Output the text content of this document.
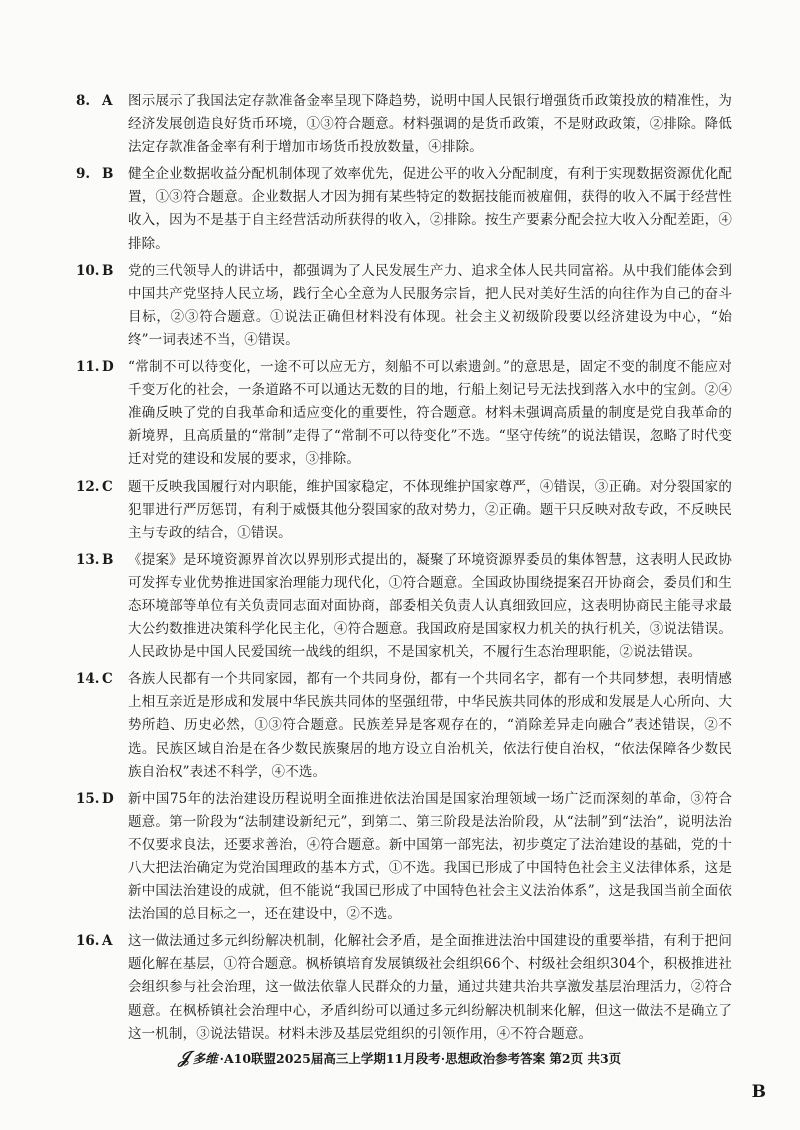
8. A	图示展示了我国法定存款准备金率呈现下降趋势，说明中国人民银行增强货币政策投放的精准性，为经济发展创造良好货币环境，①③符合题意。材料强调的是货币政策，不是财政政策，②排除。降低法定存款准备金率有利于增加市场货币投放数量，④排除。
9. B	健全企业数据收益分配机制体现了效率优先，促进公平的收入分配制度，有利于实现数据资源优化配置，①③符合题意。企业数据人才因为拥有某些特定的数据技能而被雇佣，获得的收入不属于经营性收入，因为不是基于自主经营活动所获得的收入，②排除。按生产要素分配会拉大收入分配差距，④排除。
10. B	党的三代领导人的讲话中，都强调为了人民发展生产力、追求全体人民共同富裕。从中我们能体会到中国共产党坚持人民立场，践行全心全意为人民服务宗旨，把人民对美好生活的向往作为自己的奋斗目标，②③符合题意。①说法正确但材料没有体现。社会主义初级阶段要以经济建设为中心，“始终”一词表述不当，④错误。
11. D	“常制不可以待变化，一途不可以应无方，刻船不可以索遗剑。”的意思是，固定不变的制度不能应对千变万化的社会，一条道路不可以通达无数的目的地，行船上刻记号无法找到落入水中的宝剑。②④准确反映了党的自我革命和适应变化的重要性，符合题意。材料未强调高质量的制度是党自我革命的新境界，且高质量的“常制”走得了“常制不可以待变化”不选。“坚守传统”的说法错误，忽略了时代变迁对党的建设和发展的要求，③排除。
12. C	题干反映我国履行对内职能，维护国家稳定，不体现维护国家尊严，④错误，③正确。对分裂国家的犯罪进行严厉惩罚，有利于威慑其他分裂国家的敌对势力，②正确。题干只反映对敌专政，不反映民主与专政的结合，①错误。
13. B	《提案》是环境资源界首次以界别形式提出的，凝聚了环境资源界委员的集体智慧，这表明人民政协可发挥专业优势推进国家治理能力现代化，①符合题意。全国政协围绕提案召开协商会，委员们和生态环境部等单位有关负责同志面对面协商，部委相关负责人认真细致回应，这表明协商民主能寻求最大公约数推进决策科学化民主化，④符合题意。我国政府是国家权力机关的执行机关，③说法错误。人民政协是中国人民爱国统一战线的组织，不是国家机关，不履行生态治理职能，②说法错误。
14. C	各族人民都有一个共同家园，都有一个共同身份，都有一个共同名字，都有一个共同梦想，表明情感上相互亲近是形成和发展中华民族共同体的坚强纽带，中华民族共同体的形成和发展是人心所向、大势所趋、历史必然，①③符合题意。民族差异是客观存在的，“消除差异走向融合”表述错误，②不选。民族区域自治是在各少数民族聚居的地方设立自治机关，依法行使自治权，“依法保障各少数民族自治权”表述不科学，④不选。
15. D	新中国75年的法治建设历程说明全面推进依法治国是国家治理领域一场广泛而深刻的革命，③符合题意。第一阶段为“法制建设新纪元”，到第二、第三阶段是法治阶段，从“法制”到“法治”，说明法治不仅要求良法，还要求善治，④符合题意。新中国第一部宪法，初步奠定了法治建设的基础，党的十八大把法治确定为党治国理政的基本方式，①不选。我国已形成了中国特色社会主义法律体系，这是新中国法治建设的成就，但不能说“我国已形成了中国特色社会主义法治体系”，这是我国当前全面依法治国的总目标之一，还在建设中，②不选。
16. A	这一做法通过多元纠纷解决机制，化解社会矛盾，是全面推进法治中国建设的重要举措，有利于把问题化解在基层，①符合题意。枫桥镇培育发展镇级社会组织66个、村级社会组织304个，积极推进社会组织参与社会治理，这一做法依靠人民群众的力量，通过共建共治共享激发基层治理活力，②符合题意。在枫桥镇社会治理中心，矛盾纠纷可以通过多元纠纷解决机制来化解，但这一做法不是确立了这一机制，③说法错误。材料未涉及基层党组织的引领作用，④不符合题意。
𝒥多维 ·A10联盟2025届高三上学期11月段考·思想政治参考答案 第2页 共3页
B
